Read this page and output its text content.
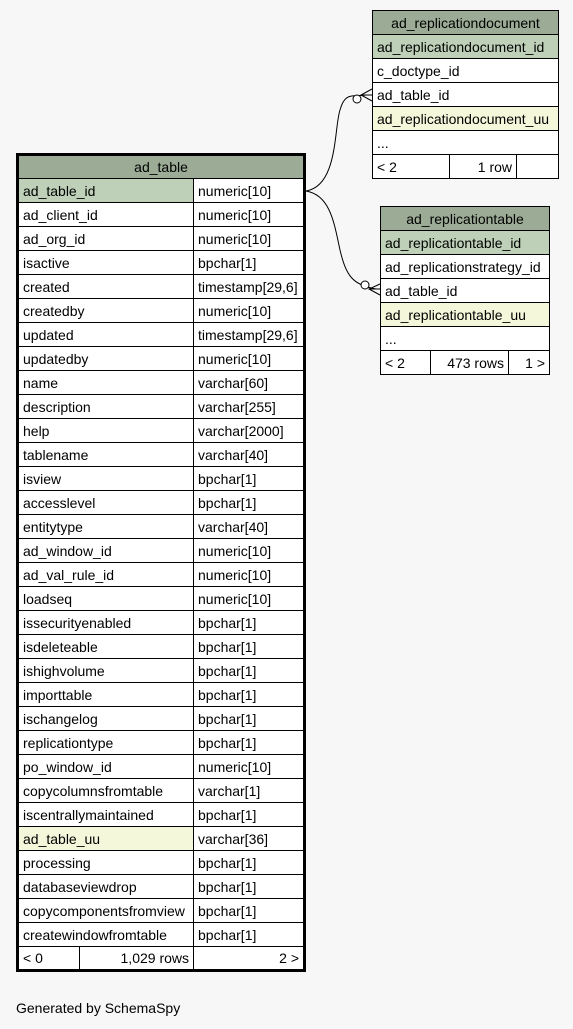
ad_replicationdocument
ad_replicationdocument_id
c_doctype_id
ad_table_id
ad_replicationdocument_uu
...
< 2	1 row	
ad_replicationtable
ad_replicationtable_id
ad_replicationstrategy_id
ad_table_id
ad_replicationtable_uu
...
< 2	473 rows	1 >
ad_table		
ad_table_id		numeric[10]
ad_client_id		numeric[10]
ad_org_id		numeric[10]
isactive		bpchar[1]
created		timestamp[29,6]
createdby		numeric[10]
updated		timestamp[29,6]
updatedby		numeric[10]
name		varchar[60]
description		varchar[255]
help		varchar[2000]
tablename		varchar[40]
isview		bpchar[1]
accesslevel		bpchar[1]
entitytype		varchar[40]
ad_window_id		numeric[10]
ad_val_rule_id		numeric[10]
loadseq		numeric[10]
issecurityenabled		bpchar[1]
isdeleteable		bpchar[1]
ishighvolume		bpchar[1]
importtable		bpchar[1]
ischangelog		bpchar[1]
replicationtype		bpchar[1]
po_window_id		numeric[10]
copycolumnsfromtable		varchar[1]
iscentrallymaintained		bpchar[1]
ad_table_uu		varchar[36]
processing		bpchar[1]
databaseviewdrop		bpchar[1]
copycomponentsfromview		bpchar[1]
createwindowfromtable		bpchar[1]
< 0	1,029 rows	2 >
Generated by SchemaSpy
